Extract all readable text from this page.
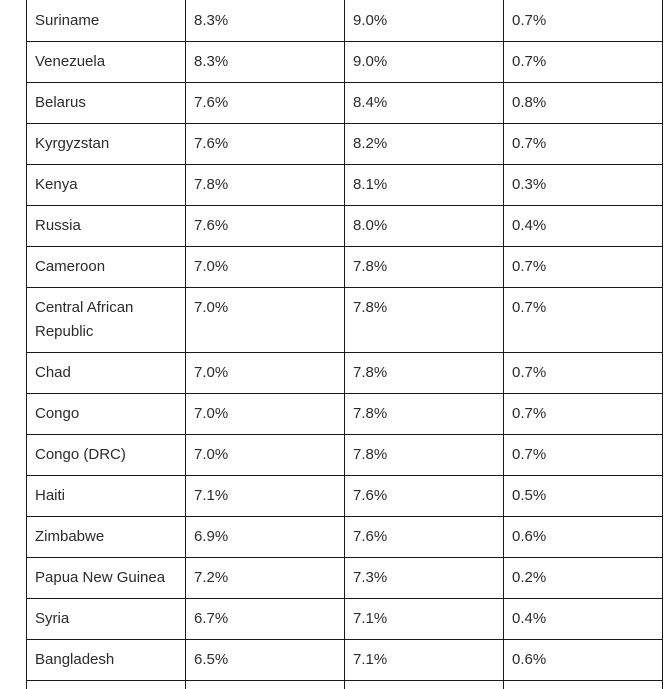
Suriname	8.3%	9.0%	0.7%
Venezuela	8.3%	9.0%	0.7%
Belarus	7.6%	8.4%	0.8%
Kyrgyzstan	7.6%	8.2%	0.7%
Kenya	7.8%	8.1%	0.3%
Russia	7.6%	8.0%	0.4%
Cameroon	7.0%	7.8%	0.7%
Central African Republic	7.0%	7.8%	0.7%
Chad	7.0%	7.8%	0.7%
Congo	7.0%	7.8%	0.7%
Congo (DRC)	7.0%	7.8%	0.7%
Haiti	7.1%	7.6%	0.5%
Zimbabwe	6.9%	7.6%	0.6%
Papua New Guinea	7.2%	7.3%	0.2%
Syria	6.7%	7.1%	0.4%
Bangladesh	6.5%	7.1%	0.6%
